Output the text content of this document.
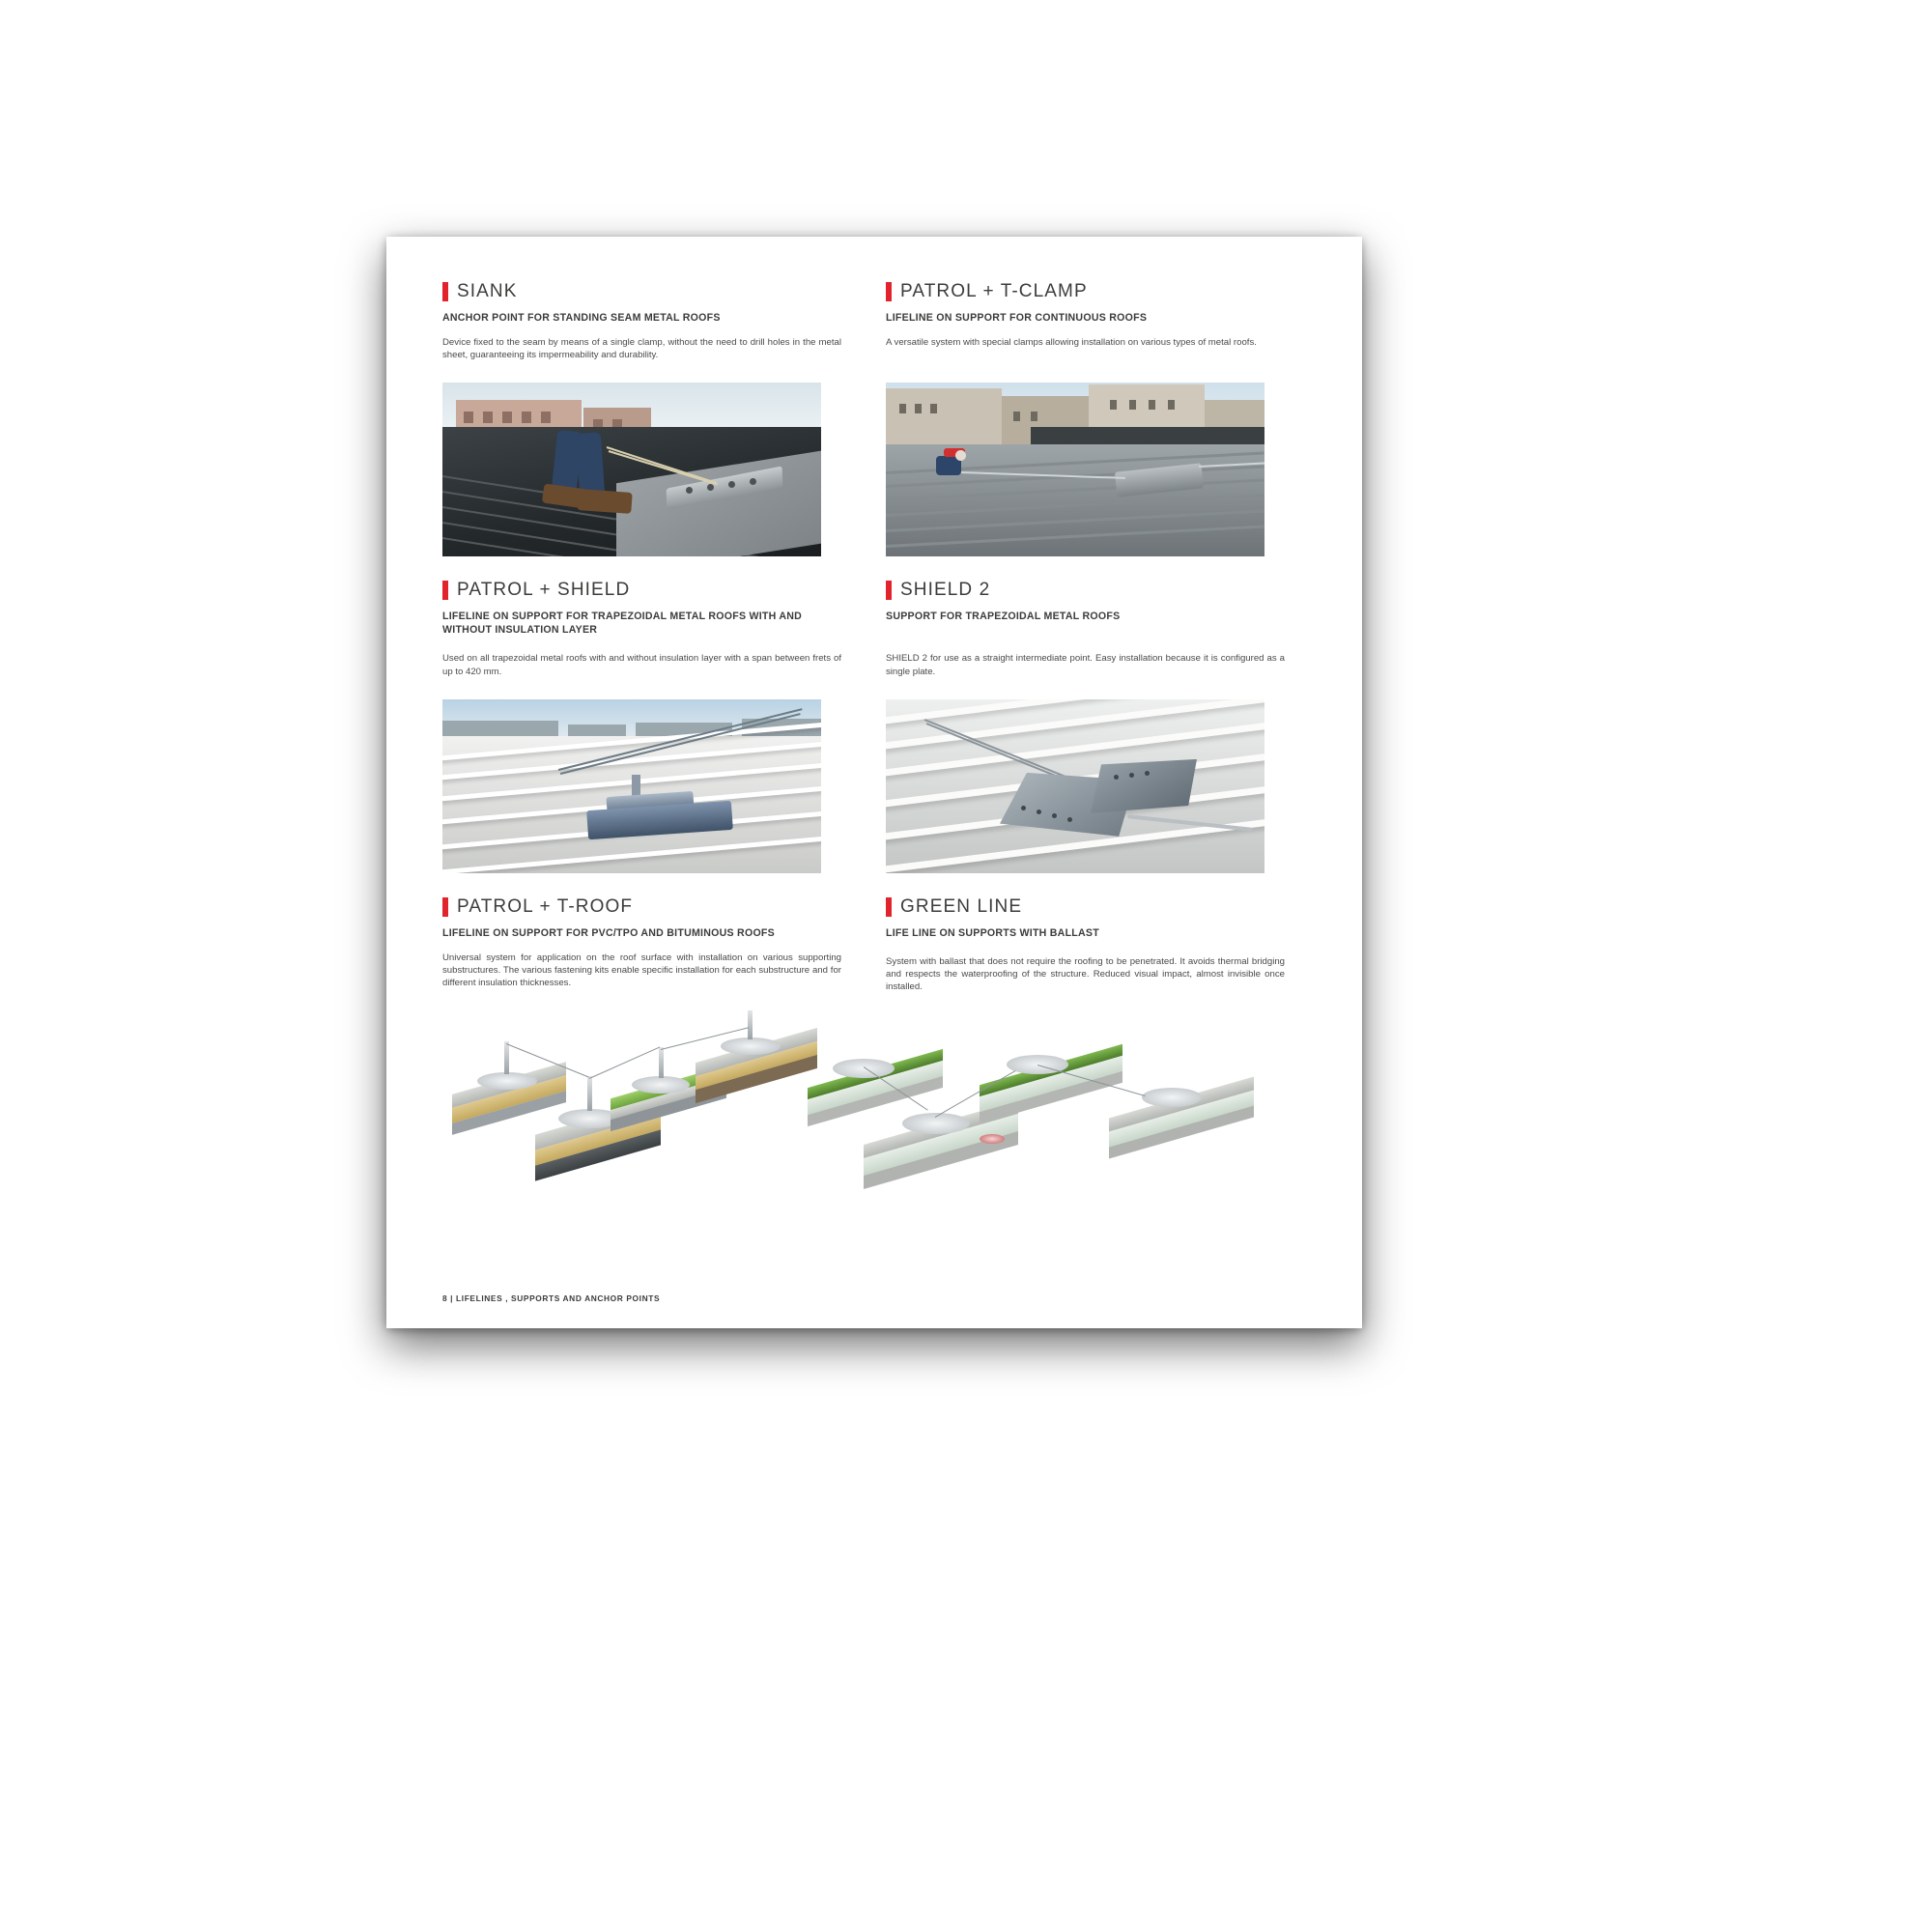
SIANK
ANCHOR POINT FOR STANDING SEAM METAL ROOFS
Device fixed to the seam by means of a single clamp, without the need to drill holes in the metal sheet, guaranteeing its impermeability and durability.
PATROL + T-CLAMP
LIFELINE ON SUPPORT FOR CONTINUOUS ROOFS
A versatile system with special clamps allowing installation on various types of metal roofs.
PATROL + SHIELD
LIFELINE ON SUPPORT FOR TRAPEZOIDAL METAL ROOFS WITH AND WITHOUT INSULATION LAYER
Used on all trapezoidal metal roofs with and without insulation layer with a span between frets of up to 420 mm.
SHIELD 2
SUPPORT FOR TRAPEZOIDAL METAL ROOFS
SHIELD 2 for use as a straight intermediate point. Easy installation because it is configured as a single plate.
PATROL + T-ROOF
LIFELINE ON SUPPORT FOR PVC/TPO AND BITUMINOUS ROOFS
Universal system for application on the roof surface with installation on various supporting substructures. The various fastening kits enable specific installation for each substructure and for different insulation thicknesses.
GREEN LINE
LIFE LINE ON SUPPORTS WITH BALLAST
System with ballast that does not require the roofing to be penetrated. It avoids thermal bridging and respects the waterproofing of the structure. Reduced visual impact, almost invisible once installed.
8 | LIFELINES , SUPPORTS AND ANCHOR POINTS
